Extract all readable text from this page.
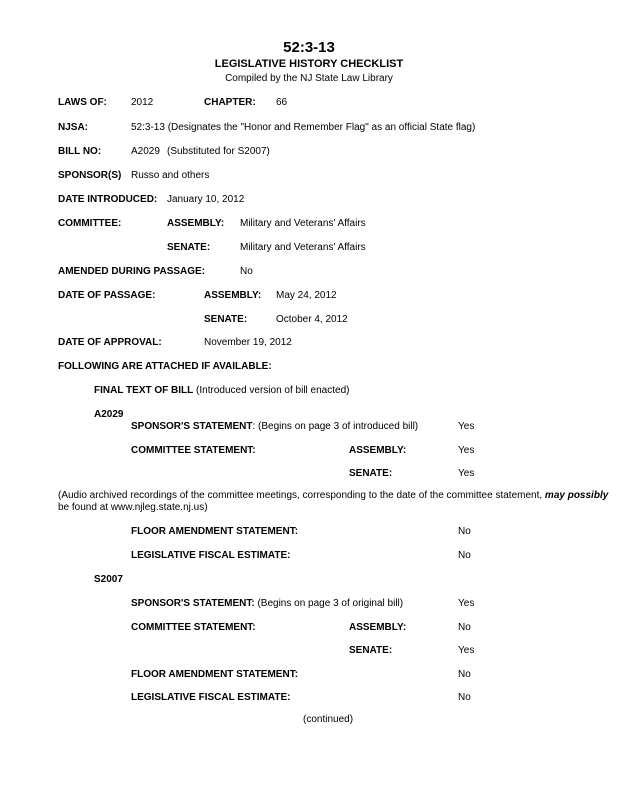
52:3-13
LEGISLATIVE HISTORY CHECKLIST
Compiled by the NJ State Law Library
LAWS OF: 2012	CHAPTER: 66
NJSA:	52:3-13 (Designates the "Honor and Remember Flag" as an official State flag)
BILL NO:	A2029 (Substituted for S2007)
SPONSOR(S) Russo and others
DATE INTRODUCED: January 10, 2012
COMMITTEE:	ASSEMBLY: Military and Veterans' Affairs
SENATE:	Military and Veterans' Affairs
AMENDED DURING PASSAGE:	No
DATE OF PASSAGE:	ASSEMBLY: May 24, 2012
SENATE:	October 4, 2012
DATE OF APPROVAL:	November 19, 2012
FOLLOWING ARE ATTACHED IF AVAILABLE:
FINAL TEXT OF BILL (Introduced version of bill enacted)
A2029
SPONSOR'S STATEMENT: (Begins on page 3 of introduced bill)	Yes
COMMITTEE STATEMENT:	ASSEMBLY:	Yes
SENATE:	Yes
(Audio archived recordings of the committee meetings, corresponding to the date of the committee statement, may possibly
be found at www.njleg.state.nj.us)
FLOOR AMENDMENT STATEMENT:	No
LEGISLATIVE FISCAL ESTIMATE:	No
S2007
SPONSOR'S STATEMENT: (Begins on page 3 of original bill)	Yes
COMMITTEE STATEMENT:	ASSEMBLY:	No
SENATE:	Yes
FLOOR AMENDMENT STATEMENT:	No
LEGISLATIVE FISCAL ESTIMATE:	No
(continued)
